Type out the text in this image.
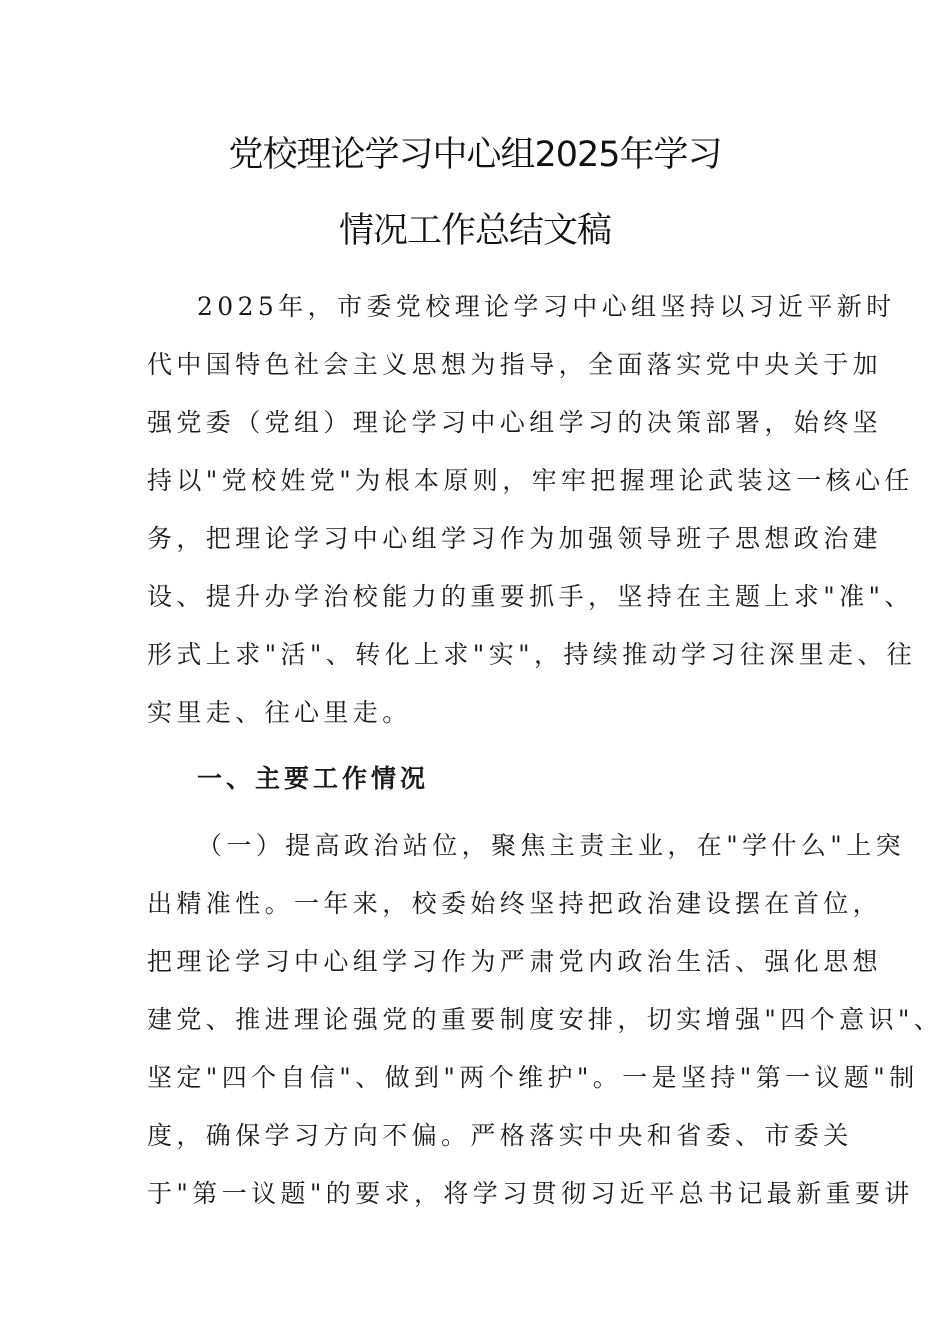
党校理论学习中心组2025年学习
情况工作总结文稿
2025年，市委党校理论学习中心组坚持以习近平新时
代中国特色社会主义思想为指导，全面落实党中央关于加
强党委（党组）理论学习中心组学习的决策部署，始终坚
持以"党校姓党"为根本原则，牢牢把握理论武装这一核心任
务，把理论学习中心组学习作为加强领导班子思想政治建
设、提升办学治校能力的重要抓手，坚持在主题上求"准"、
形式上求"活"、转化上求"实"，持续推动学习往深里走、往
实里走、往心里走。
一、主要工作情况
（一）提高政治站位，聚焦主责主业，在"学什么"上突
出精准性。一年来，校委始终坚持把政治建设摆在首位，
把理论学习中心组学习作为严肃党内政治生活、强化思想
建党、推进理论强党的重要制度安排，切实增强"四个意识"、
坚定"四个自信"、做到"两个维护"。一是坚持"第一议题"制
度，确保学习方向不偏。严格落实中央和省委、市委关
于"第一议题"的要求，将学习贯彻习近平总书记最新重要讲
